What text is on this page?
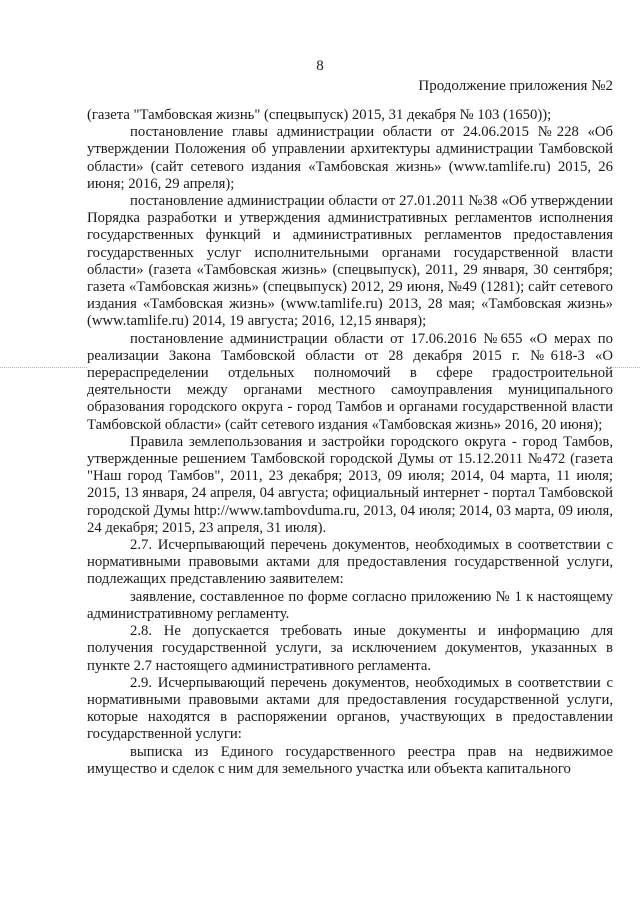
8
Продолжение приложения №2

(газета "Тамбовская жизнь" (спецвыпуск) 2015, 31 декабря № 103 (1650));

постановление главы администрации области от 24.06.2015 №228 «Об утверждении Положения об управлении архитектуры администрации Тамбовской области» (сайт сетевого издания «Тамбовская жизнь» (www.tamlife.ru) 2015, 26 июня; 2016, 29 апреля);

постановление администрации области от 27.01.2011 №38 «Об утверждении Порядка разработки и утверждения административных регламентов исполнения государственных функций и административных регламентов предоставления государственных услуг исполнительными органами государственной власти области» (газета «Тамбовская жизнь» (спецвыпуск), 2011, 29 января, 30 сентября; газета «Тамбовская жизнь» (спецвыпуск) 2012, 29 июня, №49 (1281); сайт сетевого издания «Тамбовская жизнь» (www.tamlife.ru) 2013, 28 мая; «Тамбовская жизнь» (www.tamlife.ru) 2014, 19 августа; 2016, 12,15 января);

постановление администрации области от 17.06.2016 №655 «О мерах по реализации Закона Тамбовской области от 28 декабря 2015 г. №618-З «О перераспределении отдельных полномочий в сфере градостроительной деятельности между органами местного самоуправления муниципального образования городского округа - город Тамбов и органами государственной власти Тамбовской области» (сайт сетевого издания «Тамбовская жизнь» 2016, 20 июня);

Правила землепользования и застройки городского округа - город Тамбов, утвержденные решением Тамбовской городской Думы от 15.12.2011 №472 (газета "Наш город Тамбов", 2011, 23 декабря; 2013, 09 июля; 2014, 04 марта, 11 июля; 2015, 13 января, 24 апреля, 04 августа; официальный интернет - портал Тамбовской городской Думы http://www.tambovduma.ru, 2013, 04 июля; 2014, 03 марта, 09 июля, 24 декабря; 2015, 23 апреля, 31 июля).

2.7. Исчерпывающий перечень документов, необходимых в соответствии с нормативными правовыми актами для предоставления государственной услуги, подлежащих представлению заявителем:

заявление, составленное по форме согласно приложению № 1 к настоящему административному регламенту.

2.8. Не допускается требовать иные документы и информацию для получения государственной услуги, за исключением документов, указанных в пункте 2.7 настоящего административного регламента.

2.9. Исчерпывающий перечень документов, необходимых в соответствии с нормативными правовыми актами для предоставления государственной услуги, которые находятся в распоряжении органов, участвующих в предоставлении государственной услуги:

выписка из Единого государственного реестра прав на недвижимое имущество и сделок с ним для земельного участка или объекта капитального
